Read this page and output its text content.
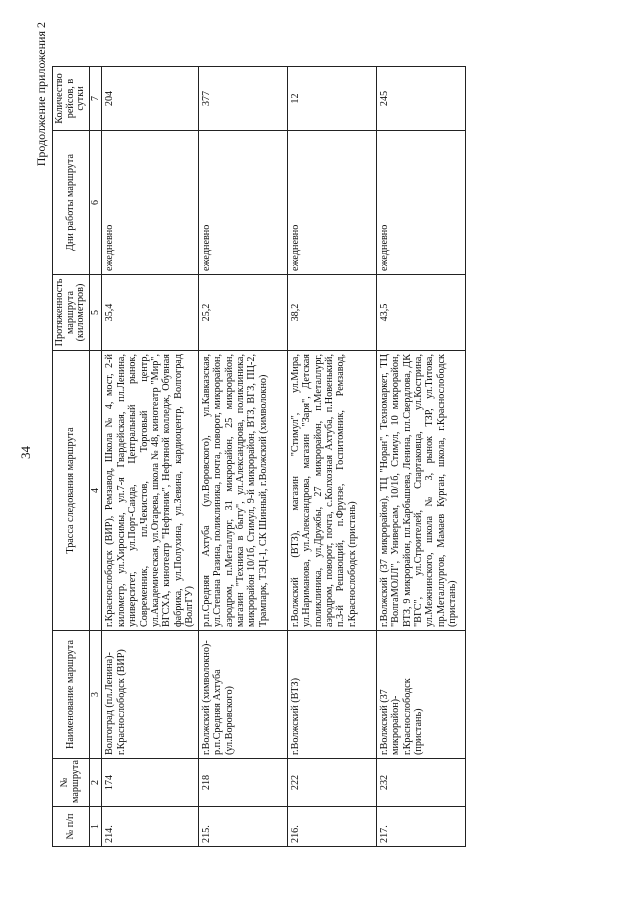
34
Продолжение приложения 2
№ п/п	№ маршрута	Наименование маршрута	Трасса следования маршрута	Протяженность маршрута (километров)	Дни работы маршрута	Количество рейсов, в сутки
1	2	3	4	5	6	7
214.	174	Волгоград (пл.Ленина)-г.Краснослободск (ВИР)	г.Краснослободск (ВИР), Ремзавод, Школа № 4, мост, 2-й километр, ул.Хиросимы, ул.7-я Гвардейская, пл.Ленина, университет, ул.Порт-Саида, Центральный рынок, Современник, пл.Чекистов, Торговый центр, ул.Академическая, ул.Огарева, школа № 48, кинотеатр "Мир", ВГСХА, кинотеатр "Нефтяник", Нефтяной колледж, Обувная фабрика, ул.Полухина, ул.Зевина, кардиоцентр, Волгоград (ВолгГУ)	35,4	ежедневно	204
215.	218	г.Волжский (химволокно)-р.п.Средняя Ахтуба (ул.Воровского)	р.п.Средняя Ахтуба (ул.Воровского), ул.Кавказская, ул.Степана Разина, поликлиника, почта, поворот, микрорайон, аэродром, п.Металлург, 31 микрорайон, 25 микрорайон, магазин "Техника в быту", ул.Александрова, поликлиника, микрорайон 10/1б, Стимул, 9-й микрорайон, ВТЗ, ВГЗ, ПЦ-2, Трампарк, ТЭЦ-1, СК Шинный, г.Волжский (химволокно)	25,2	ежедневно	377
216.	222	г.Волжский (ВТЗ)	г.Волжский (ВТЗ), магазин "Стимул", ул.Мира, ул.Нариманова, ул.Александрова, магазин "Заря", Детская поликлиника, ул.Дружбы, 27 микрорайон, п.Металлург, аэродром, поворот, почта, с.Колхозная Ахтуба, п.Новенький, п.3-й Решающий, п.Фрунзе, Госпитомник, Ремзавод, г.Краснослободск (пристань)	38,2	ежедневно	12
217.	232	г.Волжский (37 микрорайон)-г.Краснослободск (пристань)	г.Волжский (37 микрорайон), ТЦ "Норан", Техномаркет, ТЦ "ВолгаМОЛЛ", Универсам, 10/1б, Стимул, 10 микрорайон, ВТЗ, 9 микрорайон, пл.Карбышева, Ленина, пл.Свердлова, ДК "ВГС", ул.Строителей, Спартаковца, ул.Кострина, ул.Межнинского, школа № 3, рынок ТЗР, ул.Титова, пр.Металлургов, Мамаев Курган, школа, г.Краснослободск (пристань)	43,5	ежедневно	245
